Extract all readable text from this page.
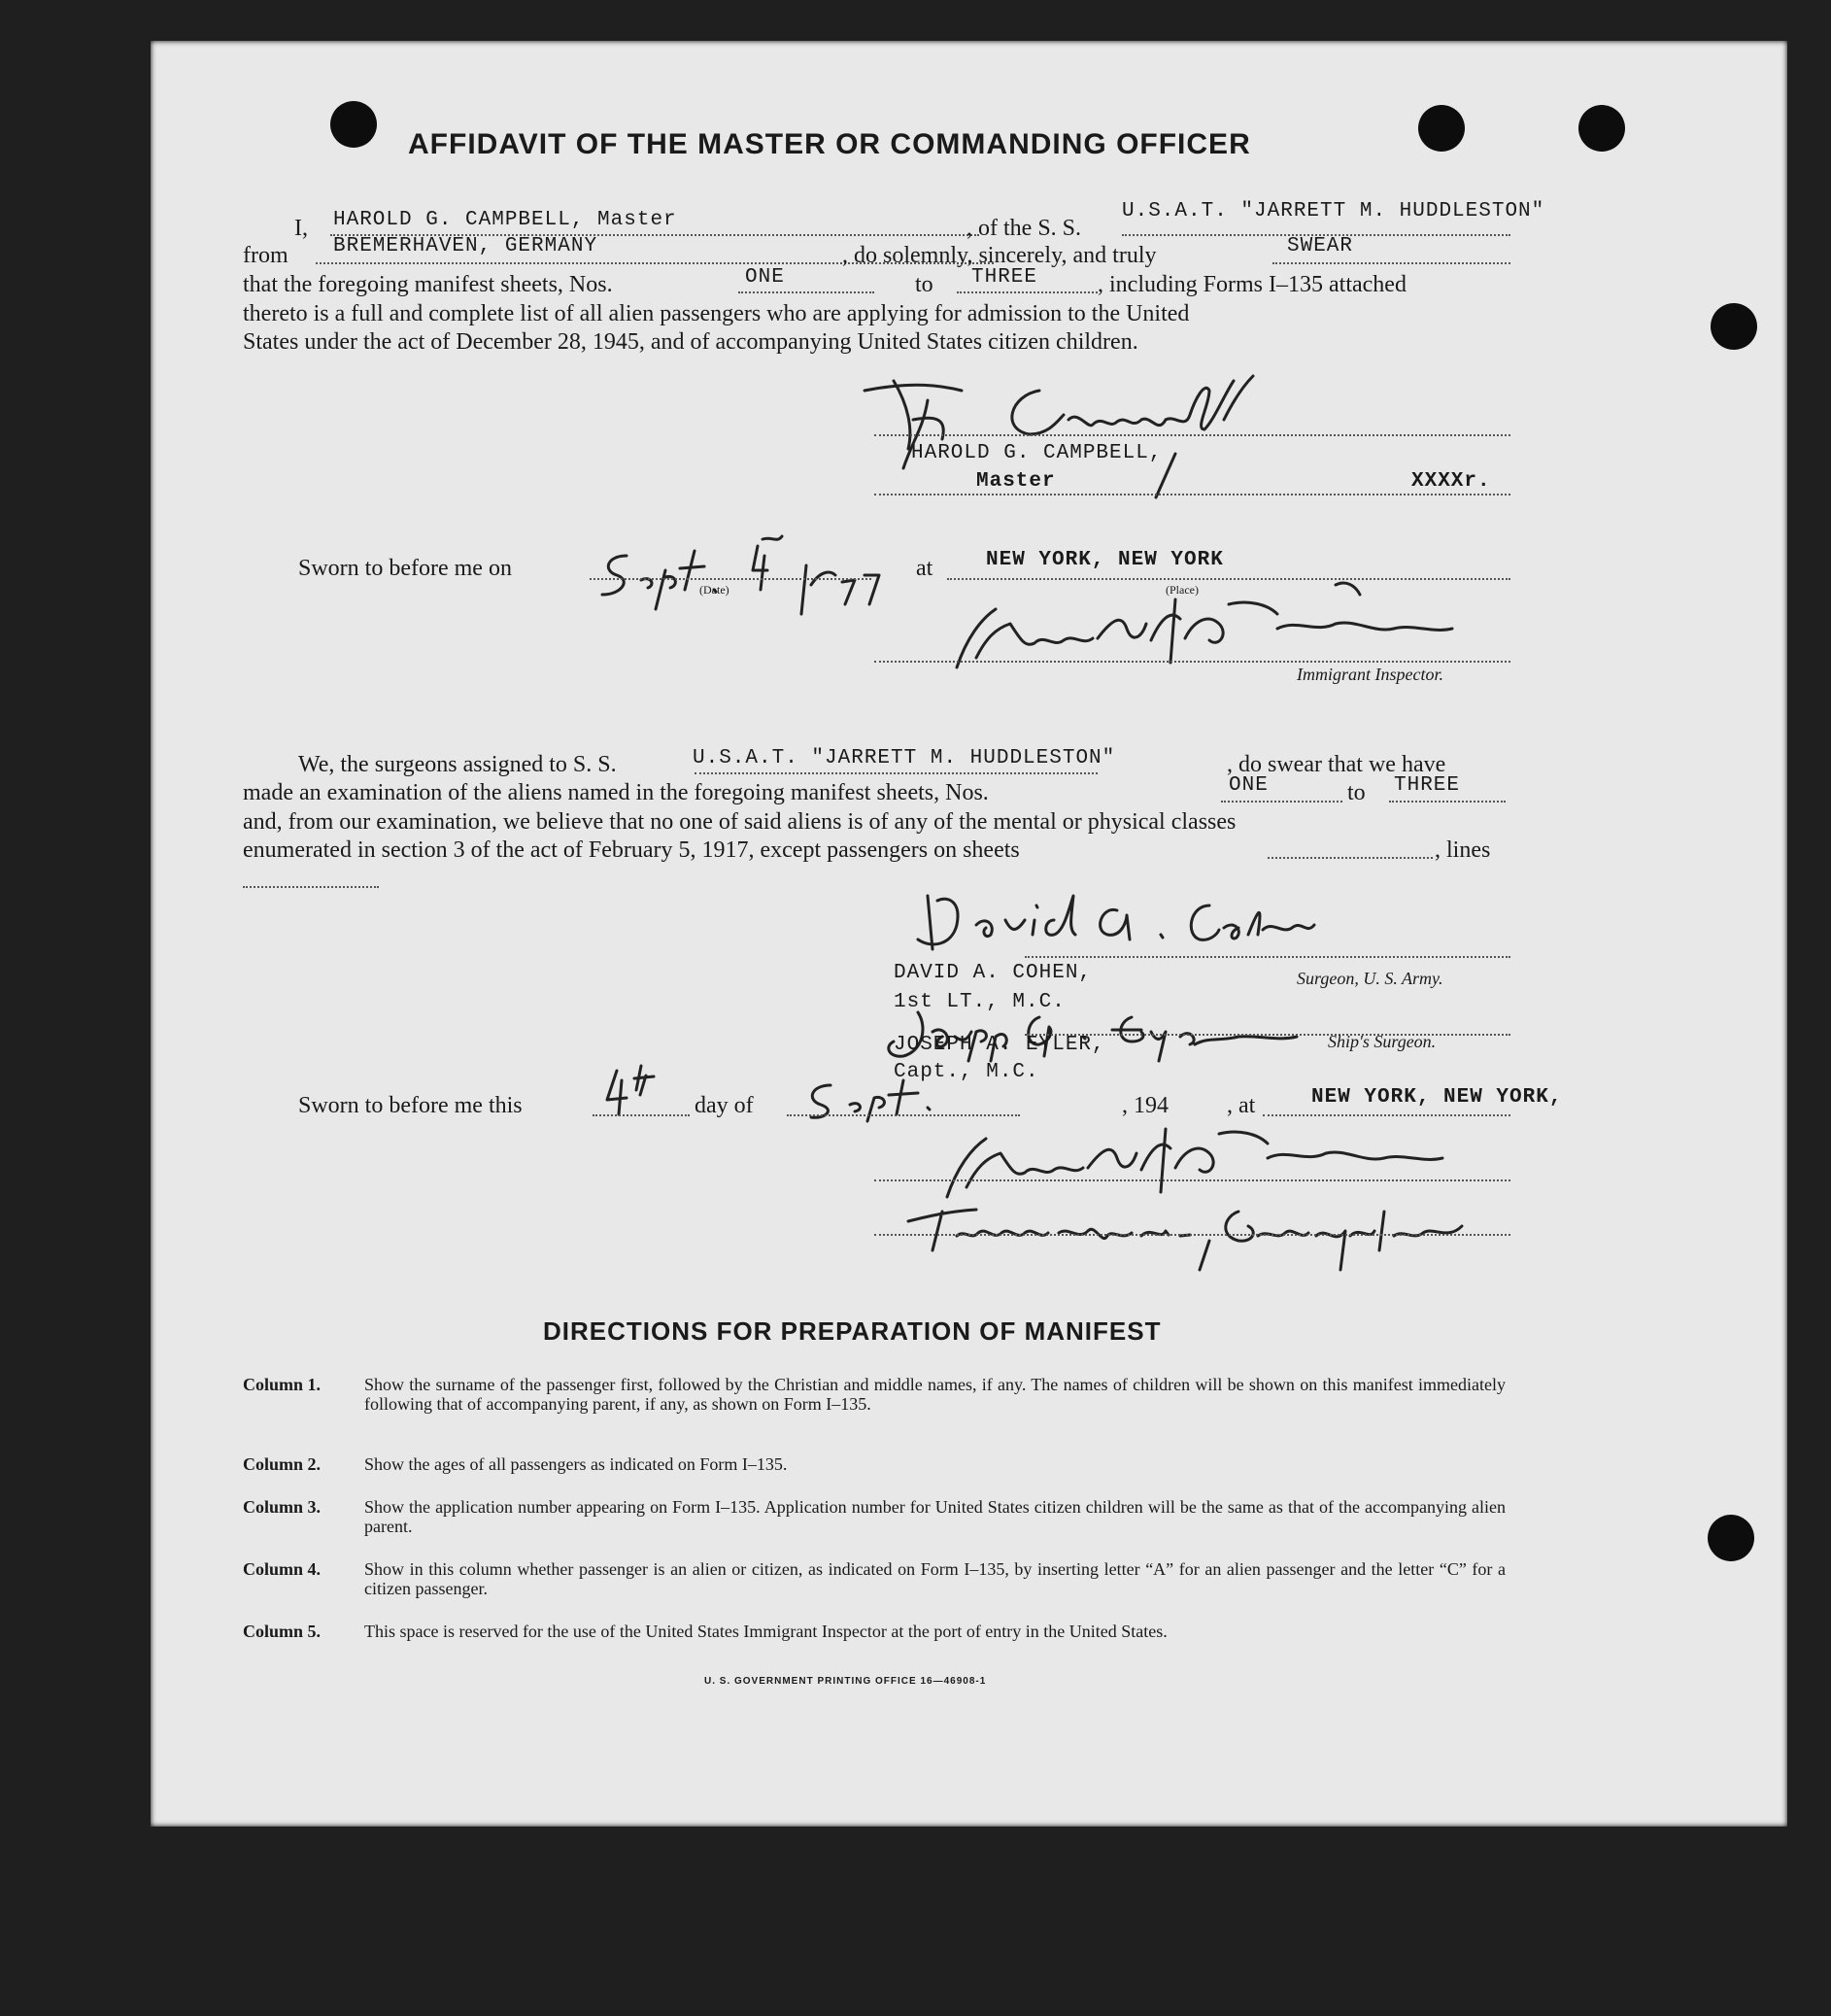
AFFIDAVIT OF THE MASTER OR COMMANDING OFFICER
I, HAROLD G. CAMPBELL, Master	, of the S. S.
U.S.A.T. "JARRETT M. HUDDLESTON"
from BREMERHAVEN, GERMANY	, do solemnly, sincerely, and truly	SWEAR
that the foregoing manifest sheets, Nos.	ONE	to THREE	, including Forms I–135 attached
thereto is a full and complete list of all alien passengers who are applying for admission to the United
States under the act of December 28, 1945, and of accompanying United States citizen children.
HAROLD G. CAMPBELL,
Master	XXXXr.
Sworn to before me on
(Date)
at	NEW YORK, NEW YORK
(Place)
Immigrant Inspector.
We, the surgeons assigned to S. S.	U.S.A.T. "JARRETT M. HUDDLESTON"	, do swear that we have
made an examination of the aliens named in the foregoing manifest sheets, Nos.	ONE	to THREE
and, from our examination, we believe that no one of said aliens is of any of the mental or physical classes
enumerated in section 3 of the act of February 5, 1917, except passengers on sheets	, lines
DAVID A. COHEN,	Surgeon, U. S. Army.
1st LT., M.C.
JOSEPH A. EYLER,	Ship's Surgeon.
Capt., M.C.
Sworn to before me this	day of	, 194	, at	NEW YORK, NEW YORK,
DIRECTIONS FOR PREPARATION OF MANIFEST
Column 1. Show the surname of the passenger first, followed by the Christian and middle names, if any. The names of children will be shown on this manifest immediately following that of accompanying parent, if any, as shown on Form I–135.
Column 2. Show the ages of all passengers as indicated on Form I–135.
Column 3. Show the application number appearing on Form I–135. Application number for United States citizen children will be the same as that of the accompanying alien parent.
Column 4. Show in this column whether passenger is an alien or citizen, as indicated on Form I–135, by inserting letter “A” for an alien passenger and the letter “C” for a citizen passenger.
Column 5. This space is reserved for the use of the United States Immigrant Inspector at the port of entry in the United States.
U. S. GOVERNMENT PRINTING OFFICE 16—46908-1
